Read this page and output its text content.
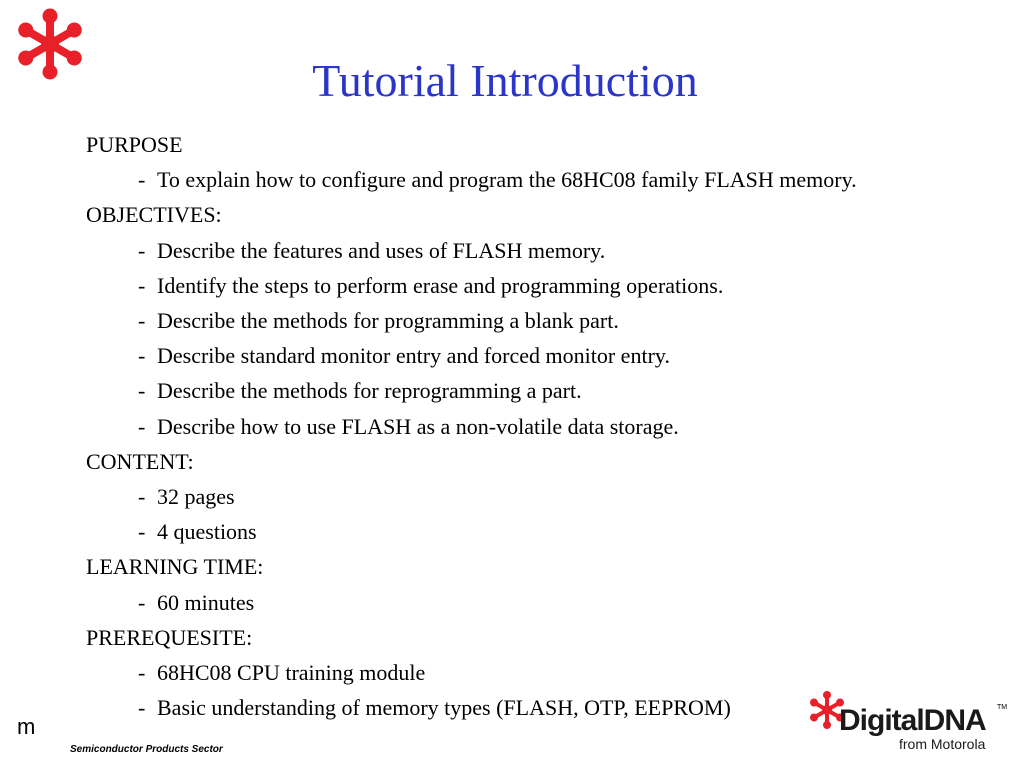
Tutorial Introduction
PURPOSE
- To explain how to configure and program the 68HC08 family FLASH memory.
OBJECTIVES:
- Describe the features and uses of FLASH memory.
- Identify the steps to perform erase and programming operations.
- Describe the methods for programming a blank part.
- Describe standard monitor entry and forced monitor entry.
- Describe the methods for reprogramming a part.
- Describe how to use FLASH as a non-volatile data storage.
CONTENT:
- 32 pages
- 4 questions
LEARNING TIME:
- 60 minutes
PREREQUESITE:
- 68HC08 CPU training module
- Basic understanding of memory types (FLASH, OTP, EEPROM)
m
Semiconductor Products Sector
DigitalDNA TM
from Motorola
